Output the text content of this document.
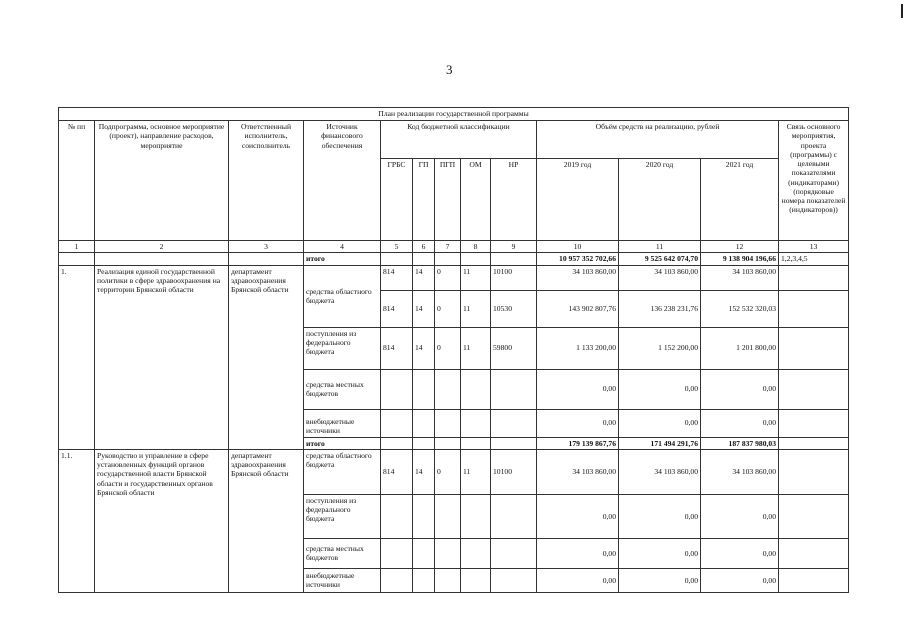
3
План реализации государственной программы												
№ пп	Подпрограмма, основное мероприятие (проект), направление расходов, мероприятие	Ответственный исполнитель, соисполнитель	Источник финансового обеспечения	Код бюджетной классификации					Объём средств на реализацию, рублей			Связь основного мероприятия, проекта (программы) с целевыми показателями (индикаторами) (порядковые номера показателей (индикаторов))
				ГРБС	ГП	ПГП	ОМ	НР	2019 год	2020 год	2021 год	
1	2	3	4	5	6	7	8	9	10	11	12	13
			итого						10 957 352 702,66	9 525 642 074,70	9 138 904 196,66	1,2,3,4,5
1.	Реализация единой государственной политики в сфере здравоохранения на территории Брянской области	департамент здравоохранения Брянской области	средства областного бюджета	814	14	0	11	10100	34 103 860,00	34 103 860,00	34 103 860,00	
				814	14	0	11	10530	143 902 807,76	136 238 231,76	152 532 320,03	
			поступления из федерального бюджета	814	14	0	11	59800	1 133 200,00	1 152 200,00	1 201 800,00	
			средства местных бюджетов						0,00	0,00	0,00	
			внебюджетные источники						0,00	0,00	0,00	
			итого						179 139 867,76	171 494 291,76	187 837 980,03	
1.1.	Руководство и управление в сфере установленных функций органов государственной власти Брянской области и государственных органов Брянской области	департамент здравоохранения Брянской области	средства областного бюджета	814	14	0	11	10100	34 103 860,00	34 103 860,00	34 103 860,00	
			поступления из федерального бюджета						0,00	0,00	0,00	
			средства местных бюджетов						0,00	0,00	0,00	
			внебюджетные источники						0,00	0,00	0,00	
